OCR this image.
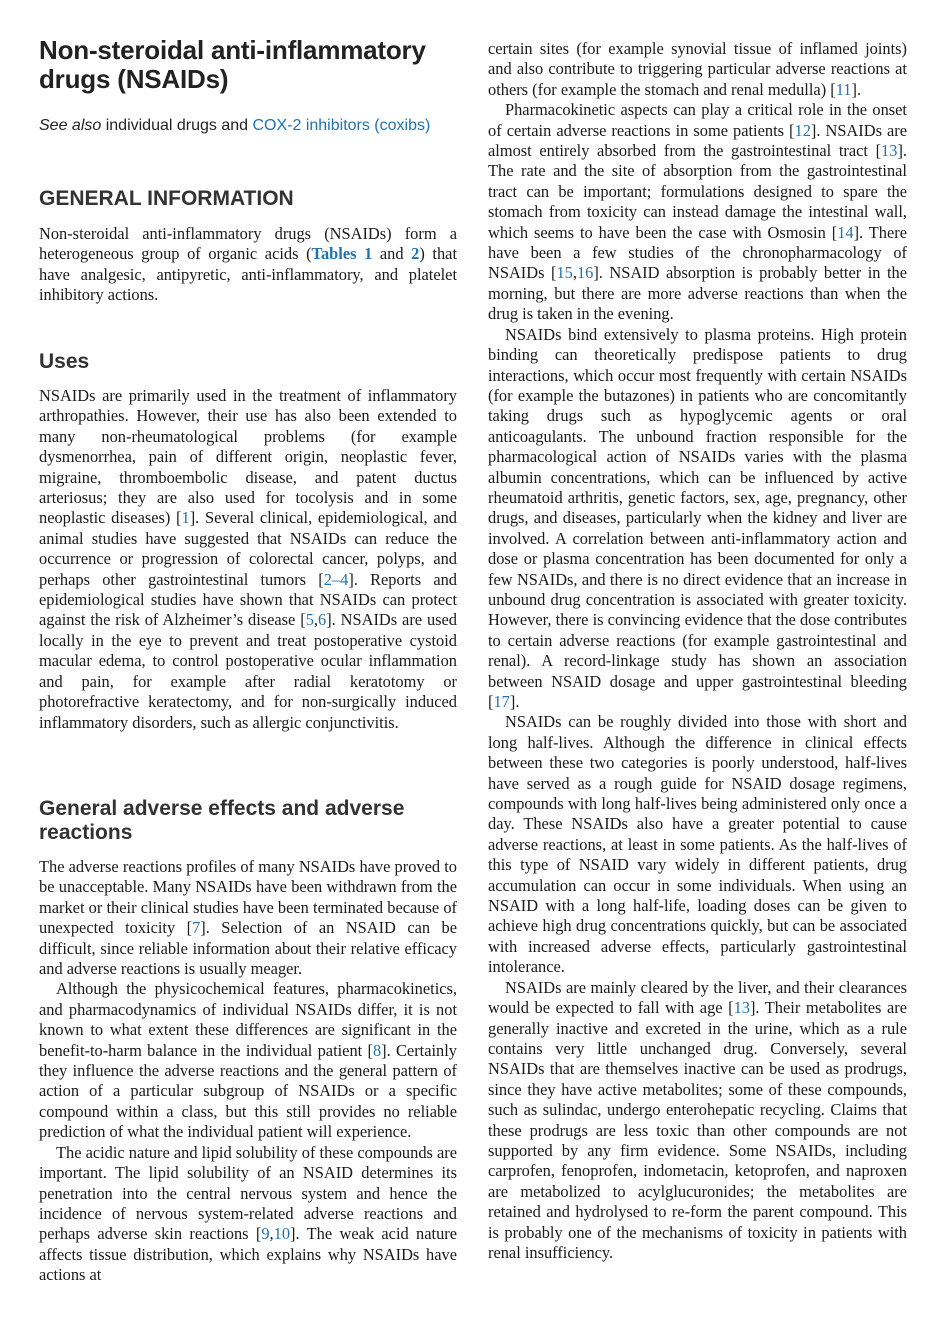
Non-steroidal anti-inflammatory drugs (NSAIDs)

See also individual drugs and COX-2 inhibitors (coxibs)

GENERAL INFORMATION

Non-steroidal anti-inflammatory drugs (NSAIDs) form a heterogeneous group of organic acids (Tables 1 and 2) that have analgesic, antipyretic, anti-inflammatory, and platelet inhibitory actions.

Uses

NSAIDs are primarily used in the treatment of inflammatory arthropathies. However, their use has also been extended to many non-rheumatological problems (for example dysmenorrhea, pain of different origin, neoplastic fever, migraine, thromboembolic disease, and patent ductus arteriosus; they are also used for tocolysis and in some neoplastic diseases) [1]. Several clinical, epidemiological, and animal studies have suggested that NSAIDs can reduce the occurrence or progression of colorectal cancer, polyps, and perhaps other gastrointestinal tumors [2–4]. Reports and epidemiological studies have shown that NSAIDs can protect against the risk of Alzheimer’s disease [5,6]. NSAIDs are used locally in the eye to prevent and treat postoperative cystoid macular edema, to control postoperative ocular inflammation and pain, for example after radial keratotomy or photorefractive keratectomy, and for non-surgically induced inflammatory disorders, such as allergic conjunctivitis.

General adverse effects and adverse reactions

The adverse reactions profiles of many NSAIDs have proved to be unacceptable. Many NSAIDs have been withdrawn from the market or their clinical studies have been terminated because of unexpected toxicity [7]. Selection of an NSAID can be difficult, since reliable information about their relative efficacy and adverse reactions is usually meager.

Although the physicochemical features, pharmacokinetics, and pharmacodynamics of individual NSAIDs differ, it is not known to what extent these differences are significant in the benefit-to-harm balance in the individual patient [8]. Certainly they influence the adverse reactions and the general pattern of action of a particular subgroup of NSAIDs or a specific compound within a class, but this still provides no reliable prediction of what the individual patient will experience.

The acidic nature and lipid solubility of these compounds are important. The lipid solubility of an NSAID determines its penetration into the central nervous system and hence the incidence of nervous system-related adverse reactions and perhaps adverse skin reactions [9,10]. The weak acid nature affects tissue distribution, which explains why NSAIDs have actions at

certain sites (for example synovial tissue of inflamed joints) and also contribute to triggering particular adverse reactions at others (for example the stomach and renal medulla) [11].

Pharmacokinetic aspects can play a critical role in the onset of certain adverse reactions in some patients [12]. NSAIDs are almost entirely absorbed from the gastrointestinal tract [13]. The rate and the site of absorption from the gastrointestinal tract can be important; formulations designed to spare the stomach from toxicity can instead damage the intestinal wall, which seems to have been the case with Osmosin [14]. There have been a few studies of the chronopharmacology of NSAIDs [15,16]. NSAID absorption is probably better in the morning, but there are more adverse reactions than when the drug is taken in the evening.

NSAIDs bind extensively to plasma proteins. High protein binding can theoretically predispose patients to drug interactions, which occur most frequently with certain NSAIDs (for example the butazones) in patients who are concomitantly taking drugs such as hypoglycemic agents or oral anticoagulants. The unbound fraction responsible for the pharmacological action of NSAIDs varies with the plasma albumin concentrations, which can be influenced by active rheumatoid arthritis, genetic factors, sex, age, pregnancy, other drugs, and diseases, particularly when the kidney and liver are involved. A correlation between anti-inflammatory action and dose or plasma concentration has been documented for only a few NSAIDs, and there is no direct evidence that an increase in unbound drug concentration is associated with greater toxicity. However, there is convincing evidence that the dose contributes to certain adverse reactions (for example gastrointestinal and renal). A record-linkage study has shown an association between NSAID dosage and upper gastrointestinal bleeding [17].

NSAIDs can be roughly divided into those with short and long half-lives. Although the difference in clinical effects between these two categories is poorly understood, half-lives have served as a rough guide for NSAID dosage regimens, compounds with long half-lives being administered only once a day. These NSAIDs also have a greater potential to cause adverse reactions, at least in some patients. As the half-lives of this type of NSAID vary widely in different patients, drug accumulation can occur in some individuals. When using an NSAID with a long half-life, loading doses can be given to achieve high drug concentrations quickly, but can be associated with increased adverse effects, particularly gastrointestinal intolerance.

NSAIDs are mainly cleared by the liver, and their clearances would be expected to fall with age [13]. Their metabolites are generally inactive and excreted in the urine, which as a rule contains very little unchanged drug. Conversely, several NSAIDs that are themselves inactive can be used as prodrugs, since they have active metabolites; some of these compounds, such as sulindac, undergo enterohepatic recycling. Claims that these prodrugs are less toxic than other compounds are not supported by any firm evidence. Some NSAIDs, including carprofen, fenoprofen, indometacin, ketoprofen, and naproxen are metabolized to acylglucuronides; the metabolites are retained and hydrolysed to re-form the parent compound. This is probably one of the mechanisms of toxicity in patients with renal insufficiency.
